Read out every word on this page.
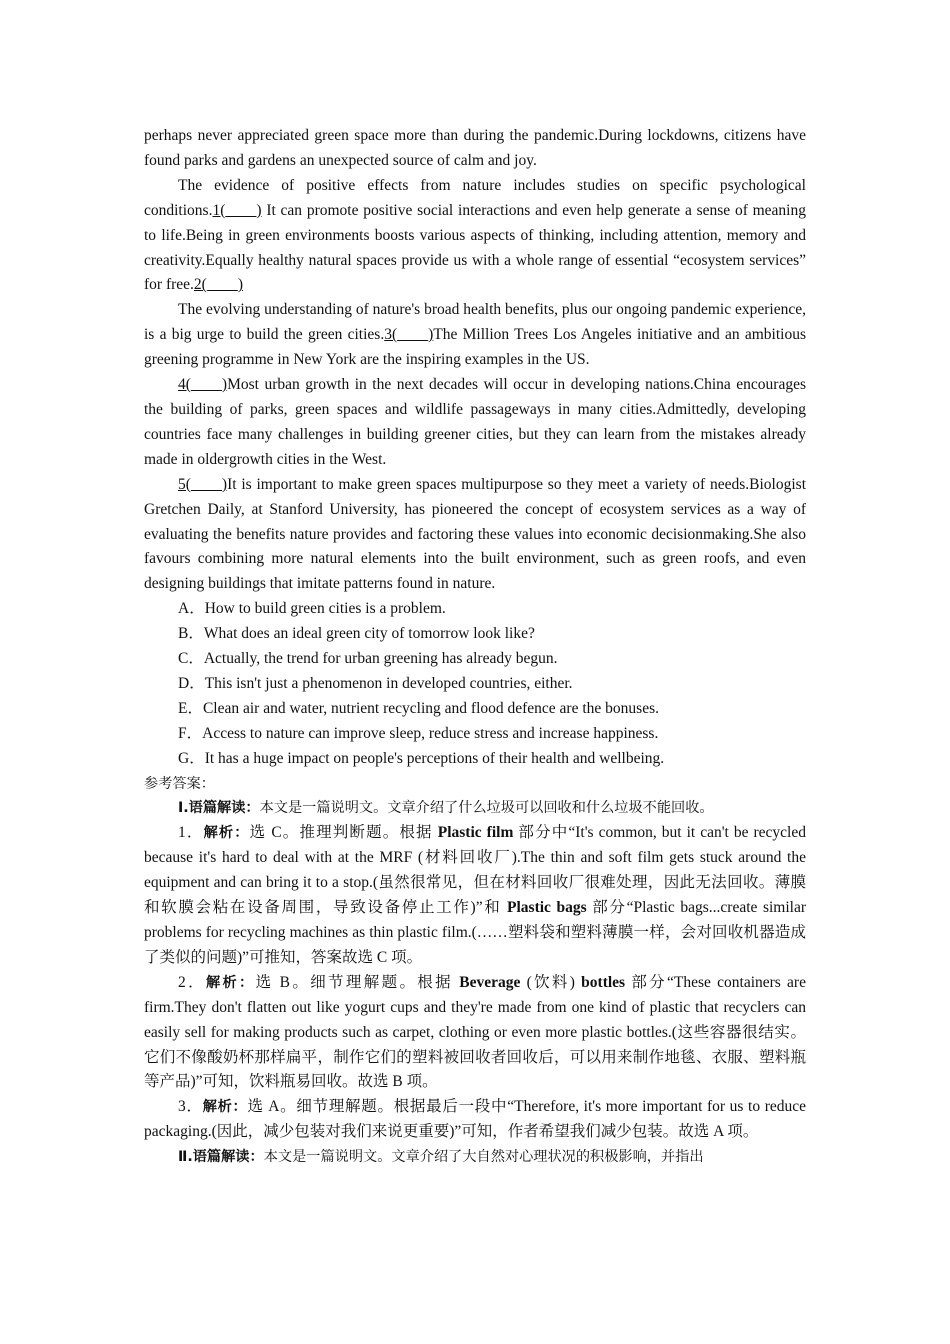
perhaps never appreciated green space more than during the pandemic.During lockdowns, citizens have found parks and gardens an unexpected source of calm and joy.

The evidence of positive effects from nature includes studies on specific psychological conditions.1(____) It can promote positive social interactions and even help generate a sense of meaning to life.Being in green environments boosts various aspects of thinking, including attention, memory and creativity.Equally healthy natural spaces provide us with a whole range of essential “ecosystem services” for free.2(____)

The evolving understanding of nature's broad health benefits, plus our ongoing pandemic experience, is a big urge to build the green cities.3(____)The Million Trees Los Angeles initiative and an ambitious greening programme in New York are the inspiring examples in the US.

4(____)Most urban growth in the next decades will occur in developing nations.China encourages the building of parks, green spaces and wildlife passageways in many cities.Admittedly, developing countries face many challenges in building greener cities, but they can learn from the mistakes already made in oldergrowth cities in the West.

5(____)It is important to make green spaces multipurpose so they meet a variety of needs.Biologist Gretchen Daily, at Stanford University, has pioneered the concept of ecosystem services as a way of evaluating the benefits nature provides and factoring these values into economic decisionmaking.She also favours combining more natural elements into the built environment, such as green roofs, and even designing buildings that imitate patterns found in nature.

A．How to build green cities is a problem.

B．What does an ideal green city of tomorrow look like?

C．Actually, the trend for urban greening has already begun.

D．This isn't just a phenomenon in developed countries, either.

E．Clean air and water, nutrient recycling and flood defence are the bonuses.

F．Access to nature can improve sleep, reduce stress and increase happiness.

G．It has a huge impact on people's perceptions of their health and wellbeing.

参考答案：

Ⅰ.语篇解读：本文是一篇说明文。文章介绍了什么垃圾可以回收和什么垃圾不能回收。

1．解析：选 C。推理判断题。根据 Plastic film 部分中“It's common, but it can't be recycled because it's hard to deal with at the MRF (材料回收厂).The thin and soft film gets stuck around the equipment and can bring it to a stop.(虽然很常见，但在材料回收厂很难处理，因此无法回收。薄膜和软膜会粘在设备周围，导致设备停止工作)”和 Plastic bags 部分“Plastic bags...create similar problems for recycling machines as thin plastic film.(……塑料袋和塑料薄膜一样，会对回收机器造成了类似的问题)”可推知，答案故选 C 项。

2．解析：选 B。细节理解题。根据 Beverage (饮料) bottles 部分“These containers are firm.They don't flatten out like yogurt cups and they're made from one kind of plastic that recyclers can easily sell for making products such as carpet, clothing or even more plastic bottles.(这些容器很结实。它们不像酸奶杯那样扁平，制作它们的塑料被回收者回收后，可以用来制作地毯、衣服、塑料瓶等产品)”可知，饮料瓶易回收。故选 B 项。

3．解析：选 A。细节理解题。根据最后一段中“Therefore, it's more important for us to reduce packaging.(因此，减少包装对我们来说更重要)”可知，作者希望我们减少包装。故选 A 项。

Ⅱ.语篇解读：本文是一篇说明文。文章介绍了大自然对心理状况的积极影响，并指出
